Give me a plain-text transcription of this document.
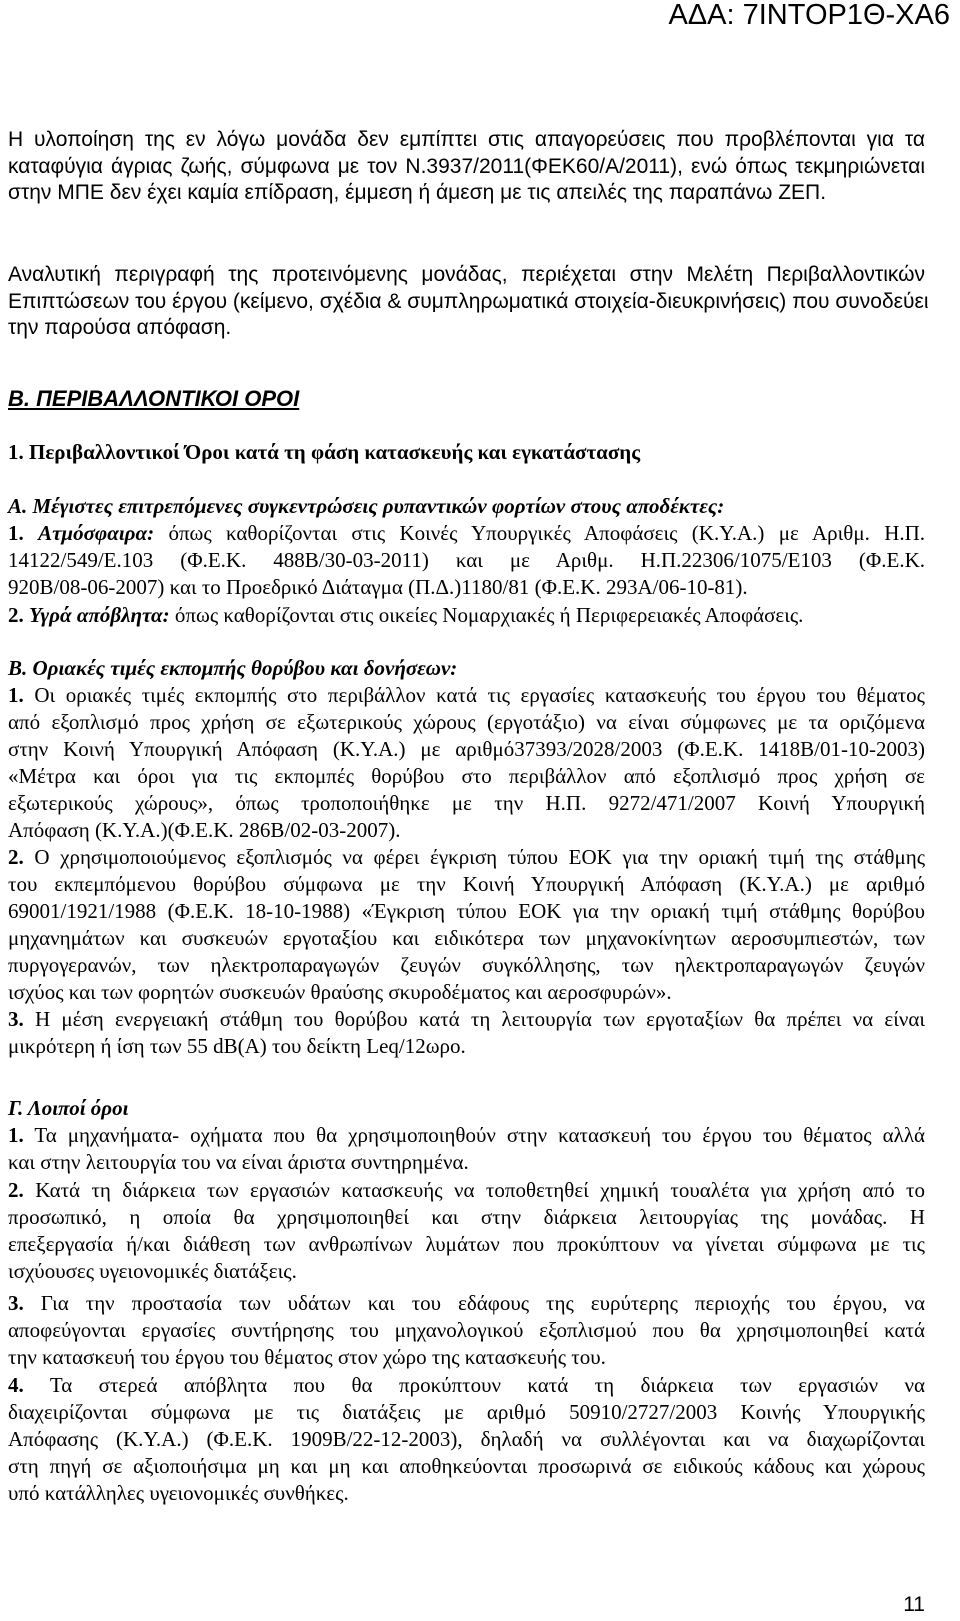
ΑΔΑ: 7ΙΝΤΟΡ1Θ-ΧΑ6
Η υλοποίηση της εν λόγω μονάδα δεν εμπίπτει στις απαγορεύσεις που προβλέπονται για τα
καταφύγια άγριας ζωής, σύμφωνα με τον Ν.3937/2011(ΦΕΚ60/Α/2011), ενώ όπως τεκμηριώνεται
στην ΜΠΕ δεν έχει καμία επίδραση, έμμεση ή άμεση με τις απειλές της παραπάνω ΖΕΠ.
Αναλυτική περιγραφή της προτεινόμενης μονάδας, περιέχεται στην Μελέτη Περιβαλλοντικών
Επιπτώσεων του έργου (κείμενο, σχέδια & συμπληρωματικά στοιχεία-διευκρινήσεις) που συνοδεύει
την παρούσα απόφαση.
Β. ΠΕΡΙΒΑΛΛΟΝΤΙΚΟΙ ΟΡΟΙ
1. Περιβαλλοντικοί Όροι κατά τη φάση κατασκευής και εγκατάστασης
Α. Μέγιστες επιτρεπόμενες συγκεντρώσεις ρυπαντικών φορτίων στους αποδέκτες:
1. Ατμόσφαιρα: όπως καθορίζονται στις Κοινές Υπουργικές Αποφάσεις (Κ.Υ.Α.) με Αριθμ. Η.Π.
14122/549/Ε.103 (Φ.Ε.Κ. 488Β/30-03-2011) και με Αριθμ. Η.Π.22306/1075/Ε103 (Φ.Ε.Κ.
920Β/08-06-2007) και το Προεδρικό Διάταγμα (Π.Δ.)1180/81 (Φ.Ε.Κ. 293Α/06-10-81).
2. Υγρά απόβλητα: όπως καθορίζονται στις οικείες Νομαρχιακές ή Περιφερειακές Αποφάσεις.
Β. Οριακές τιμές εκπομπής θορύβου και δονήσεων:
1. Οι οριακές τιμές εκπομπής στο περιβάλλον κατά τις εργασίες κατασκευής του έργου του θέματος
από εξοπλισμό προς χρήση σε εξωτερικούς χώρους (εργοτάξιο) να είναι σύμφωνες με τα οριζόμενα
στην Κοινή Υπουργική Απόφαση (Κ.Υ.Α.) με αριθμό37393/2028/2003 (Φ.Ε.Κ. 1418Β/01-10-2003)
«Μέτρα και όροι για τις εκπομπές θορύβου στο περιβάλλον από εξοπλισμό προς χρήση σε
εξωτερικούς χώρους», όπως τροποποιήθηκε με την Η.Π. 9272/471/2007 Κοινή Υπουργική
Απόφαση (Κ.Υ.Α.)(Φ.Ε.Κ. 286Β/02-03-2007).
2. Ο χρησιμοποιούμενος εξοπλισμός να φέρει έγκριση τύπου ΕΟΚ για την οριακή τιμή της στάθμης
του εκπεμπόμενου θορύβου σύμφωνα με την Κοινή Υπουργική Απόφαση (Κ.Υ.Α.) με αριθμό
69001/1921/1988 (Φ.Ε.Κ. 18-10-1988) «Έγκριση τύπου ΕΟΚ για την οριακή τιμή στάθμης θορύβου
μηχανημάτων και συσκευών εργοταξίου και ειδικότερα των μηχανοκίνητων αεροσυμπιεστών, των
πυργογερανών, των ηλεκτροπαραγωγών ζευγών συγκόλλησης, των ηλεκτροπαραγωγών ζευγών
ισχύος και των φορητών συσκευών θραύσης σκυροδέματος και αεροσφυρών».
3. Η μέση ενεργειακή στάθμη του θορύβου κατά τη λειτουργία των εργοταξίων θα πρέπει να είναι
μικρότερη ή ίση των 55 dB(A) του δείκτη Leq/12ωρο.
Γ. Λοιποί όροι
1. Τα μηχανήματα- οχήματα που θα χρησιμοποιηθούν στην κατασκευή του έργου του θέματος αλλά
και στην λειτουργία του να είναι άριστα συντηρημένα.
2. Κατά τη διάρκεια των εργασιών κατασκευής να τοποθετηθεί χημική τουαλέτα για χρήση από το
προσωπικό, η οποία θα χρησιμοποιηθεί και στην διάρκεια λειτουργίας της μονάδας. Η
επεξεργασία ή/και διάθεση των ανθρωπίνων λυμάτων που προκύπτουν να γίνεται σύμφωνα με τις
ισχύουσες υγειονομικές διατάξεις.
3. Για την προστασία των υδάτων και του εδάφους της ευρύτερης περιοχής του έργου, να
αποφεύγονται εργασίες συντήρησης του μηχανολογικού εξοπλισμού που θα χρησιμοποιηθεί κατά
την κατασκευή του έργου του θέματος στον χώρο της κατασκευής του.
4. Τα στερεά απόβλητα που θα προκύπτουν κατά τη διάρκεια των εργασιών να
διαχειρίζονται σύμφωνα με τις διατάξεις με αριθμό 50910/2727/2003 Κοινής Υπουργικής
Απόφασης (Κ.Υ.Α.) (Φ.Ε.Κ. 1909Β/22-12-2003), δηλαδή να συλλέγονται και να διαχωρίζονται
στη πηγή σε αξιοποιήσιμα μη και μη και αποθηκεύονται προσωρινά σε ειδικούς κάδους και χώρους
υπό κατάλληλες υγειονομικές συνθήκες.
11
